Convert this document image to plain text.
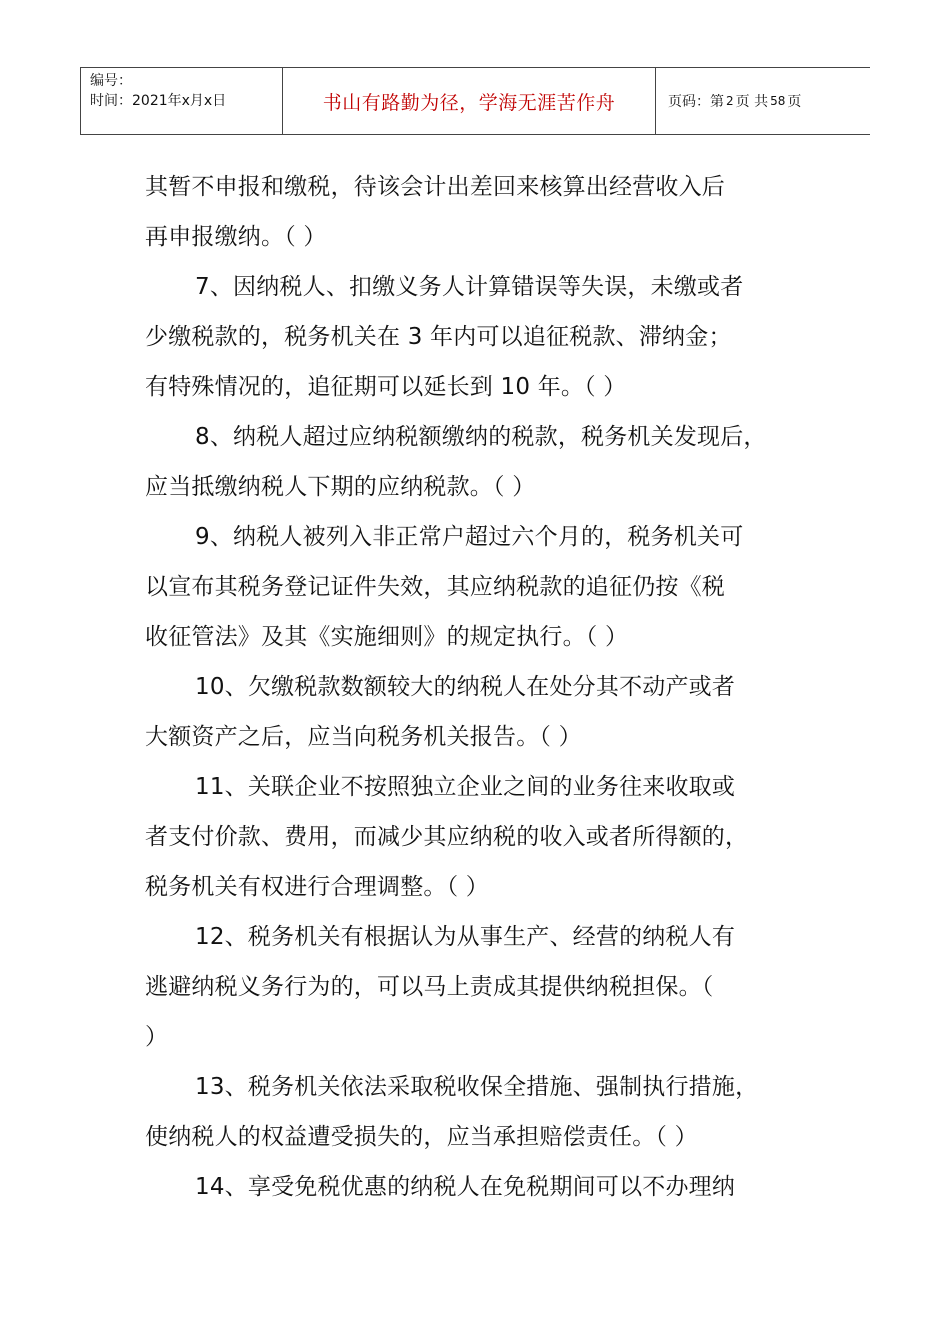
编号：
时间：2021年x月x日	书山有路勤为径，学海无涯苦作舟	页码：第 2 页 共 58 页
其暂不申报和缴税，待该会计出差回来核算出经营收入后
再申报缴纳。（ ）
7、因纳税人、扣缴义务人计算错误等失误，未缴或者
少缴税款的，税务机关在 3 年内可以追征税款、滞纳金；
有特殊情况的，追征期可以延长到 10 年。（ ）
8、纳税人超过应纳税额缴纳的税款，税务机关发现后，
应当抵缴纳税人下期的应纳税款。（ ）
9、纳税人被列入非正常户超过六个月的，税务机关可
以宣布其税务登记证件失效，其应纳税款的追征仍按《税
收征管法》及其《实施细则》的规定执行。（ ）
10、欠缴税款数额较大的纳税人在处分其不动产或者
大额资产之后，应当向税务机关报告。（ ）
11、关联企业不按照独立企业之间的业务往来收取或
者支付价款、费用，而减少其应纳税的收入或者所得额的，
税务机关有权进行合理调整。（ ）
12、税务机关有根据认为从事生产、经营的纳税人有
逃避纳税义务行为的，可以马上责成其提供纳税担保。（
）
13、税务机关依法采取税收保全措施、强制执行措施，
使纳税人的权益遭受损失的，应当承担赔偿责任。（ ）
14、享受免税优惠的纳税人在免税期间可以不办理纳
